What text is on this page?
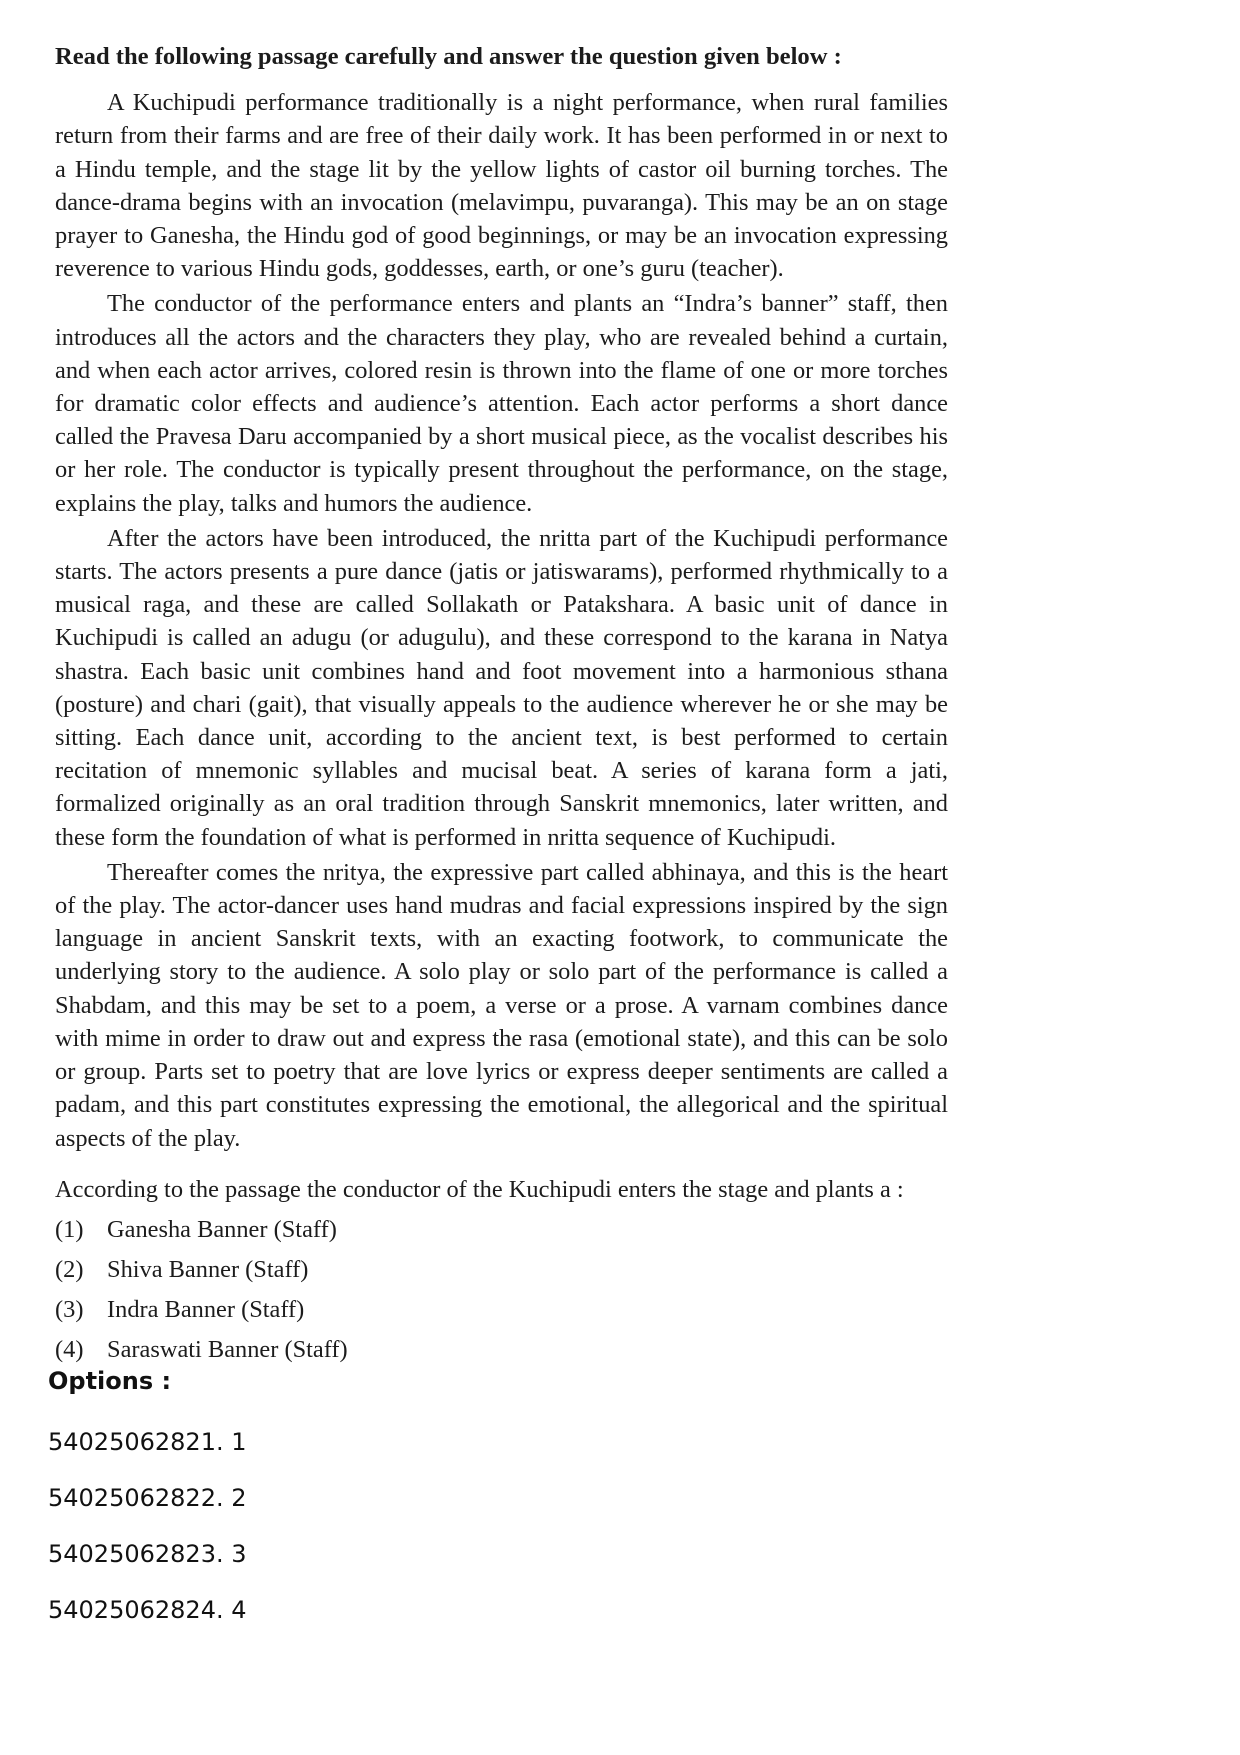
Read the following passage carefully and answer the question given below :

A Kuchipudi performance traditionally is a night performance, when rural families return from their farms and are free of their daily work. It has been performed in or next to a Hindu temple, and the stage lit by the yellow lights of castor oil burning torches. The dance-drama begins with an invocation (melavimpu, puvaranga). This may be an on stage prayer to Ganesha, the Hindu god of good beginnings, or may be an invocation expressing reverence to various Hindu gods, goddesses, earth, or one’s guru (teacher).

The conductor of the performance enters and plants an “Indra’s banner” staff, then introduces all the actors and the characters they play, who are revealed behind a curtain, and when each actor arrives, colored resin is thrown into the flame of one or more torches for dramatic color effects and audience’s attention. Each actor performs a short dance called the Pravesa Daru accompanied by a short musical piece, as the vocalist describes his or her role. The conductor is typically present throughout the performance, on the stage, explains the play, talks and humors the audience.

After the actors have been introduced, the nritta part of the Kuchipudi performance starts. The actors presents a pure dance (jatis or jatiswarams), performed rhythmically to a musical raga, and these are called Sollakath or Patakshara. A basic unit of dance in Kuchipudi is called an adugu (or adugulu), and these correspond to the karana in Natya shastra. Each basic unit combines hand and foot movement into a harmonious sthana (posture) and chari (gait), that visually appeals to the audience wherever he or she may be sitting. Each dance unit, according to the ancient text, is best performed to certain recitation of mnemonic syllables and mucisal beat. A series of karana form a jati, formalized originally as an oral tradition through Sanskrit mnemonics, later written, and these form the foundation of what is performed in nritta sequence of Kuchipudi.

Thereafter comes the nritya, the expressive part called abhinaya, and this is the heart of the play. The actor-dancer uses hand mudras and facial expressions inspired by the sign language in ancient Sanskrit texts, with an exacting footwork, to communicate the underlying story to the audience. A solo play or solo part of the performance is called a Shabdam, and this may be set to a poem, a verse or a prose. A varnam combines dance with mime in order to draw out and express the rasa (emotional state), and this can be solo or group. Parts set to poetry that are love lyrics or express deeper sentiments are called a padam, and this part constitutes expressing the emotional, the allegorical and the spiritual aspects of the play.

According to the passage the conductor of the Kuchipudi enters the stage and plants a :
(1) Ganesha Banner (Staff)
(2) Shiva Banner (Staff)
(3) Indra Banner (Staff)
(4) Saraswati Banner (Staff)
Options :
54025062821. 1
54025062822. 2
54025062823. 3
54025062824. 4
